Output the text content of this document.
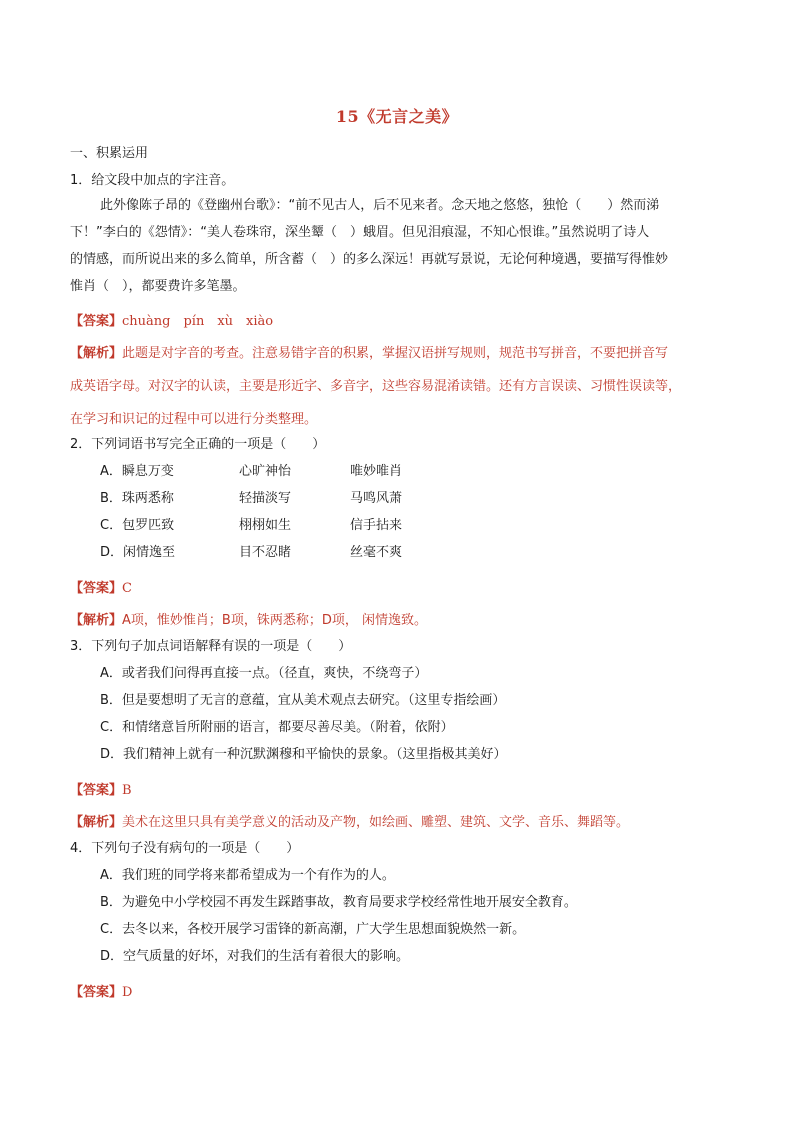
15《无言之美》
一、积累运用
1．给文段中加点的字注音。
此外像陈子昂的《登幽州台歌》：“前不见古人，后不见来者。念天地之悠悠，独怆（　　）然而涕
下！”李白的《怨情》：“美人卷珠帘，深坐颦（　）蛾眉。但见泪痕湿，不知心恨谁。”虽然说明了诗人
的情感，而所说出来的多么简单，所含蓄（　）的多么深远！再就写景说，无论何种境遇，要描写得惟妙
惟肖（　），都要费许多笔墨。
【答案】chuàng　pín　xù　xiào
【解析】此题是对字音的考查。注意易错字音的积累，掌握汉语拼写规则，规范书写拼音，不要把拼音写
成英语字母。对汉字的认读，主要是形近字、多音字，这些容易混淆读错。还有方言误读、习惯性误读等，
在学习和识记的过程中可以进行分类整理。
2．下列词语书写完全正确的一项是（　　）
A．瞬息万变	心旷神怡	唯妙唯肖
B．珠两悉称	轻描淡写	马鸣风萧
C．包罗匹致	栩栩如生	信手拈来
D．闲情逸至	目不忍睹	丝毫不爽
【答案】C
【解析】A项，惟妙惟肖；B项，铢两悉称；D项， 闲情逸致。
3．下列句子加点词语解释有误的一项是（　　）
A．或者我们问得再直接一点。（径直，爽快，不绕弯子）
B．但是要想明了无言的意蕴，宜从美术观点去研究。（这里专指绘画）
C．和情绪意旨所附丽的语言，都要尽善尽美。（附着，依附）
D．我们精神上就有一种沉默渊穆和平愉快的景象。（这里指极其美好）
【答案】B
【解析】美术在这里只具有美学意义的活动及产物，如绘画、雕塑、建筑、文学、音乐、舞蹈等。
4．下列句子没有病句的一项是（　　）
A．我们班的同学将来都希望成为一个有作为的人。
B．为避免中小学校园不再发生踩踏事故，教育局要求学校经常性地开展安全教育。
C．去冬以来，各校开展学习雷锋的新高潮，广大学生思想面貌焕然一新。
D．空气质量的好坏，对我们的生活有着很大的影响。
【答案】D
